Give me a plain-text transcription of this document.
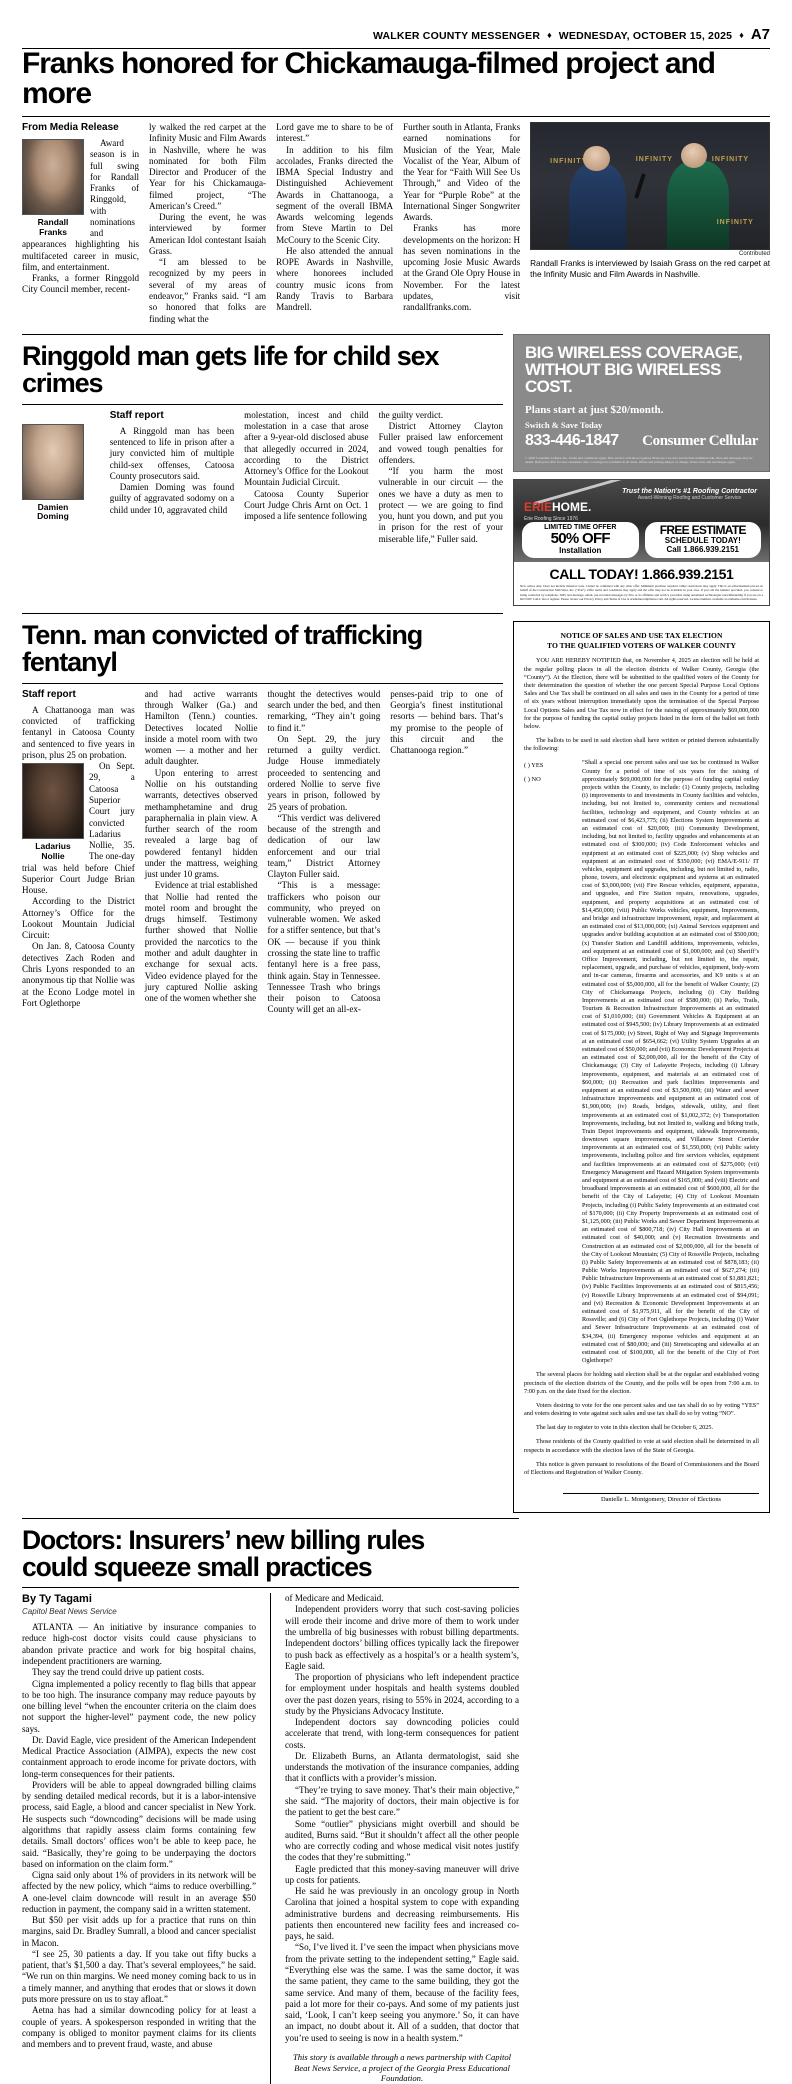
WALKER COUNTY MESSENGER ♦ WEDNESDAY, OCTOBER 15, 2025 ♦ A7
Franks honored for Chickamauga-filmed project and more
From Media Release
Randall
Franks

Award season is in full swing for Randall Franks of Ringgold, with nominations and appearances highlighting his multifaceted career in music, film, and entertainment.

Franks, a former Ringgold City Council member, recent-

ly walked the red carpet at the Infinity Music and Film Awards in Nashville, where he was nominated for both Film Director and Producer of the Year for his Chickamauga-filmed project, “The American’s Creed.”

During the event, he was interviewed by former American Idol contestant Isaiah Grass.

“I am blessed to be recognized by my peers in several of my areas of endeavor,” Franks said. “I am so honored that folks are finding what the

Lord gave me to share to be of interest.”

In addition to his film accolades, Franks directed the IBMA Special Industry and Distinguished Achievement Awards in Chattanooga, a segment of the overall IBMA Awards welcoming legends from Steve Martin to Del McCoury to the Scenic City.

He also attended the annual ROPE Awards in Nashville, where honorees included country music icons from Randy Travis to Barbara Mandrell.

Further south in Atlanta, Franks earned nominations for Musician of the Year, Male Vocalist of the Year, Album of the Year for “Faith Will See Us Through,” and Video of the Year for “Purple Robe” at the International Singer Songwriter Awards.

Franks has more developments on the horizon: H has seven nominations in the upcoming Josie Music Awards at the Grand Ole Opry House in November. For the latest updates, visit randallfranks.com.

INFINITY	INFINITY	INFINITY
INFINITY
Contributed
Randall Franks is interviewed by Isaiah Grass on the red carpet at the Infinity Music and Film Awards in Nashville.
Ringgold man gets life for child sex crimes
Damien
Doming
Staff report

A Ringgold man has been sentenced to life in prison after a jury convicted him of multiple child-sex offenses, Catoosa County prosecutors said.

Damien Doming was found guilty of aggravated sodomy on a child under 10, aggravated child

molestation, incest and child molestation in a case that arose after a 9-year-old disclosed abuse that allegedly occurred in 2024, according to the District Attorney’s Office for the Lookout Mountain Judicial Circuit.

Catoosa County Superior Court Judge Chris Arnt on Oct. 1 imposed a life sentence following

the guilty verdict.

District Attorney Clayton Fuller praised law enforcement and vowed tough penalties for offenders.

“If you harm the most vulnerable in our circuit — the ones we have a duty as men to protect — we are going to find you, hunt you down, and put you in prison for the rest of your miserable life,” Fuller said.

BIG WIRELESS COVERAGE,
WITHOUT BIG WIRELESS COST.
Plans start at just $20/month.
Switch & Save Today
833-446-1847 Consumer Cellular
© 2025 Consumer Cellular Inc. Terms and conditions apply. New service activation required. Plans are a la carte and include unlimited talk. Data and messages may be added. Half-price offer for new customers only. Coverage not available in all areas. Offers and pricing subject to change. Taxes, fees, and surcharges apply.
ERIEHOME.
Erie Roofing Since 1976
Trust the Nation's #1 Roofing Contractor
Award-Winning Roofing and Customer Service
LIMITED TIME OFFER
50% OFF
Installation
FREE ESTIMATE
SCHEDULE TODAY!
Call 1.866.939.2151
CALL TODAY! 1.866.939.2151
New orders only. Does not include material costs. Cannot be combined with any other offer. Minimum purchase required. Other restrictions may apply. This is an advertisement placed on behalf of the Construction Mid-West, Inc. ("Erie"). Offer terms and conditions may apply and the offer may not be available in your area. If you call the number provided, you consent to being contacted by telephone, SMS text message, email, pre-recorded messages by Erie or its affiliates and service providers using automated technologies notwithstanding if you are on a DO NOT CALL list or register. Please review our Privacy Policy and Terms of Use at eriehomecompliance.com. All rights reserved. License numbers available at eriehome.com/licenses.
Tenn. man convicted of trafficking fentanyl
Staff report

A Chattanooga man was convicted of trafficking fentanyl in Catoosa County and sentenced to five years in prison, plus 25 on probation.

Ladarius
Nollie

On Sept. 29, a Catoosa Superior Court jury convicted Ladarius Nollie, 35. The one-day trial was held before Chief Superior Court Judge Brian House.

According to the District Attorney’s Office for the Lookout Mountain Judicial Circuit:

On Jan. 8, Catoosa County detectives Zach Roden and Chris Lyons responded to an anonymous tip that Nollie was at the Econo Lodge motel in Fort Oglethorpe

and had active warrants through Walker (Ga.) and Hamilton (Tenn.) counties. Detectives located Nollie inside a motel room with two women — a mother and her adult daughter.

Upon entering to arrest Nollie on his outstanding warrants, detectives observed methamphetamine and drug paraphernalia in plain view. A further search of the room revealed a large bag of powdered fentanyl hidden under the mattress, weighing just under 10 grams.

Evidence at trial established that Nollie had rented the motel room and brought the drugs himself. Testimony further showed that Nollie provided the narcotics to the mother and adult daughter in exchange for sexual acts. Video evidence played for the jury captured Nollie asking one of the women whether she

thought the detectives would search under the bed, and then remarking, “They ain’t going to find it.”

On Sept. 29, the jury returned a guilty verdict. Judge House immediately proceeded to sentencing and ordered Nollie to serve five years in prison, followed by 25 years of probation.

“This verdict was delivered because of the strength and dedication of our law enforcement and our trial team,” District Attorney Clayton Fuller said.

“This is a message: traffickers who poison our community, who preyed on vulnerable women. We asked for a stiffer sentence, but that’s OK — because if you think crossing the state line to traffic fentanyl here is a free pass, think again. Stay in Tennessee. Tennessee Trash who brings their poison to Catoosa County will get an all-ex-

penses-paid trip to one of Georgia’s finest institutional resorts — behind bars. That’s my promise to the people of this circuit and the Chattanooga region.”

NOTICE OF SALES AND USE TAX ELECTION
TO THE QUALIFIED VOTERS OF WALKER COUNTY

YOU ARE HEREBY NOTIFIED that, on November 4, 2025 an election will be held at the regular polling places in all the election districts of Walker County, Georgia (the “County”). At the Election, there will be submitted to the qualified voters of the County for their determination the question of whether the one percent Special Purpose Local Options Sales and Use Tax shall be continued on all sales and uses in the County for a period of time of six years without interruption immediately upon the termination of the Special Purpose Local Options Sales and Use Tax now in effect for the raising of approximately $69,000,000 for the purpose of funding the capital outlay projects listed in the form of the ballot set forth below.

The ballots to be used in said election shall have written or printed thereon substantially the following:

( ) YES
( ) NO

“Shall a special one percent sales and use tax be continued in Walker County for a period of time of six years for the raising of approximately $69,000,000 for the purpose of funding capital outlay projects within the County, to include: (1) County projects, including (i) improvements to and investments in County facilities and vehicles, including, but not limited to, community centers and recreational facilities, technology and equipment, and County vehicles at an estimated cost of $6,423,775; (ii) Elections System Improvements at an estimated cost of $20,000; (iii) Community Development, including, but not limited to, facility upgrades and enhancements at an estimated cost of $300,000; (iv) Code Enforcement vehicles and equipment at an estimated cost of $225,000; (v) Shop vehicles and equipment at an estimated cost of $350,000; (vi) EMA/E-911/ IT vehicles, equipment and upgrades, including, but not limited to, radio, phone, towers, and electronic equipment and systems at an estimated cost of $3,000,000; (vii) Fire Rescue vehicles, equipment, apparatus, and upgrades, and Fire Station repairs, renovations, upgrades, equipment, and property acquisitions at an estimated cost of $14,450,000; (viii) Public Works vehicles, equipment, Improvements, and bridge and infrastructure improvement, repair, and replacement at an estimated cost of $13,000,000; (xi) Animal Services equipment and upgrades and/or building acquisition at an estimated cost of $500,000; (x) Transfer Station and Landfill additions, improvements, vehicles, and equipment at an estimated cost of $1,000,000; and (xi) Sheriff’s Office Improvement, including, but not limited to, the repair, replacement, upgrade, and purchase of vehicles, equipment, body-worn and in-car cameras, firearms and accessories, and K9 units s at an estimated cost of $5,000,000, all for the benefit of Walker County; (2) City of Chickamauga Projects, including (i) City Building Improvements at an estimated cost of $580,000; (ii) Parks, Trails, Tourism & Recreation Infrastructure Improvements at an estimated cost of $1,010,000; (iii) Government Vehicles & Equipment at an estimated cost of $945,500; (iv) Library Improvements at an estimated cost of $175,000; (v) Street, Right of Way and Signage Improvements at an estimated cost of $654,662; (vi) Utility System Upgrades at an estimated cost of $50,000; and (vii) Economic Development Projects at an estimated cost of $2,000,000, all for the benefit of the City of Chickamauga; (3) City of Lafayette Projects, including (i) Library improvements, equipment, and materials at an estimated cost of $60,000; (ii) Recreation and park facilities improvements and equipment at an estimated cost of $3,500,000; (iii) Water and sewer infrastructure improvements and equipment at an estimated cost of $1,900,000; (iv) Roads, bridges, sidewalk, utility, and fleet improvements at an estimated cost of $1,002,372; (v) Transportation Improvements, including, but not limited to, walking and biking trails, Train Depot improvements and equipment, sidewalk Improvements, downtown square improvements, and Villanow Street Corridor improvements at an estimated cost of $1,550,000; (vi) Public safety improvements, including police and fire services vehicles, equipment and facilities improvements at an estimated cost of $275,000; (vii) Emergency Management and Hazard Mitigation System improvements and equipment at an estimated cost of $165,000; and (viii) Electric and broadband improvements at an estimated cost of $600,000, all for the benefit of the City of Lafayette; (4) City of Lookout Mountain Projects, including (i) Public Safety Improvements at an estimated cost of $170,000; (ii) City Property Improvements at an estimated cost of $1,125,000; (iii) Public Works and Sewer Department Improvements at an estimated cost of $800,718; (iv) City Hall Improvements at an estimated cost of $40,000; and (v) Recreation Investments and Construction at an estimated cost of $2,000,000, all for the benefit of the City of Lookout Mountain; (5) City of Rossville Projects, including (i) Public Safety Improvements at an estimated cost of $878,183; (ii) Public Works Improvements at an estimated cost of $627,274; (iii) Public Infrastructure Improvements at an estimated cost of $1,881,821; (iv) Public Facilities Improvements at an estimated cost of $815,456; (v) Rossville Library Improvements at an estimated cost of $94,091; and (vi) Recreation & Economic Development Improvements at an estimated cost of $1,975,911, all for the benefit of the City of Rossville; and (6) City of Fort Oglethorpe Projects, including (i) Water and Sewer Infrastructure Improvements at an estimated cost of $34,394, (ii) Emergency response vehicles and equipment at an estimated cost of $80,000; and (iii) Streetscaping and sidewalks at an estimated cost of $100,000, all for the benefit of the City of Fort Oglethorpe?

The several places for holding said election shall be at the regular and established voting precincts of the election districts of the County, and the polls will be open from 7:00 a.m. to 7:00 p.m. on the date fixed for the election.

Voters desiring to vote for the one percent sales and use tax shall do so by voting “YES” and voters desiring to vote against such sales and use tax shall do so by voting “NO”.

The last day to register to vote in this election shall be October 6, 2025.

Those residents of the County qualified to vote at said election shall be determined in all respects in accordance with the election laws of the State of Georgia.

This notice is given pursuant to resolutions of the Board of Commissioners and the Board of Elections and Registration of Walker County.

Danielle L. Montgomery, Director of Elections
Doctors: Insurers’ new billing rules
could squeeze small practices
By Ty Tagami
Capitol Beat News Service

ATLANTA — An initiative by insurance companies to reduce high-cost doctor visits could cause physicians to abandon private practice and work for big hospital chains, independent practitioners are warning.

They say the trend could drive up patient costs.

Cigna implemented a policy recently to flag bills that appear to be too high. The insurance company may reduce payouts by one billing level “when the encounter criteria on the claim does not support the higher-level” payment code, the new policy says.

Dr. David Eagle, vice president of the American Independent Medical Practice Association (AIMPA), expects the new cost containment approach to erode income for private doctors, with long-term consequences for their patients.

Providers will be able to appeal downgraded billing claims by sending detailed medical records, but it is a labor-intensive process, said Eagle, a blood and cancer specialist in New York. He suspects such “downcoding” decisions will be made using algorithms that rapidly assess claim forms containing few details. Small doctors’ offices won’t be able to keep pace, he said. “Basically, they’re going to be underpaying the doctors based on information on the claim form.”

Cigna said only about 1% of providers in its network will be affected by the new policy, which “aims to reduce overbilling.” A one-level claim downcode will result in an average $50 reduction in payment, the company said in a written statement.

But $50 per visit adds up for a practice that runs on thin margins, said Dr. Bradley Sumrall, a blood and cancer specialist in Macon.

“I see 25, 30 patients a day. If you take out fifty bucks a patient, that’s $1,500 a day. That’s several employees,” he said. “We run on thin margins. We need money coming back to us in a timely manner, and anything that erodes that or slows it down puts more pressure on us to stay afloat.”

Aetna has had a similar downcoding policy for at least a couple of years. A spokesperson responded in writing that the company is obliged to monitor payment claims for its clients and members and to prevent fraud, waste, and abuse

of Medicare and Medicaid.

Independent providers worry that such cost-saving policies will erode their income and drive more of them to work under the umbrella of big businesses with robust billing departments. Independent doctors’ billing offices typically lack the firepower to push back as effectively as a hospital’s or a health system’s, Eagle said.

The proportion of physicians who left independent practice for employment under hospitals and health systems doubled over the past dozen years, rising to 55% in 2024, according to a study by the Physicians Advocacy Institute.

Independent doctors say downcoding policies could accelerate that trend, with long-term consequences for patient costs.

Dr. Elizabeth Burns, an Atlanta dermatologist, said she understands the motivation of the insurance companies, adding that it conflicts with a provider’s mission.

“They’re trying to save money. That’s their main objective,” she said. “The majority of doctors, their main objective is for the patient to get the best care.”

Some “outlier” physicians might overbill and should be audited, Burns said. “But it shouldn’t affect all the other people who are correctly coding and whose medical visit notes justify the codes that they’re submitting.”

Eagle predicted that this money-saving maneuver will drive up costs for patients.

He said he was previously in an oncology group in North Carolina that joined a hospital system to cope with expanding administrative burdens and decreasing reimbursements. His patients then encountered new facility fees and increased co-pays, he said.

“So, I’ve lived it. I’ve seen the impact when physicians move from the private setting to the independent setting,” Eagle said. “Everything else was the same. I was the same doctor, it was the same patient, they came to the same building, they got the same service. And many of them, because of the facility fees, paid a lot more for their co-pays. And some of my patients just said, ‘Look, I can’t keep seeing you anymore.’ So, it can have an impact, no doubt about it. All of a sudden, that doctor that you’re used to seeing is now in a health system.”

This story is available through a news partnership with Capitol Beat News Service, a project of the Georgia Press Educational Foundation.
